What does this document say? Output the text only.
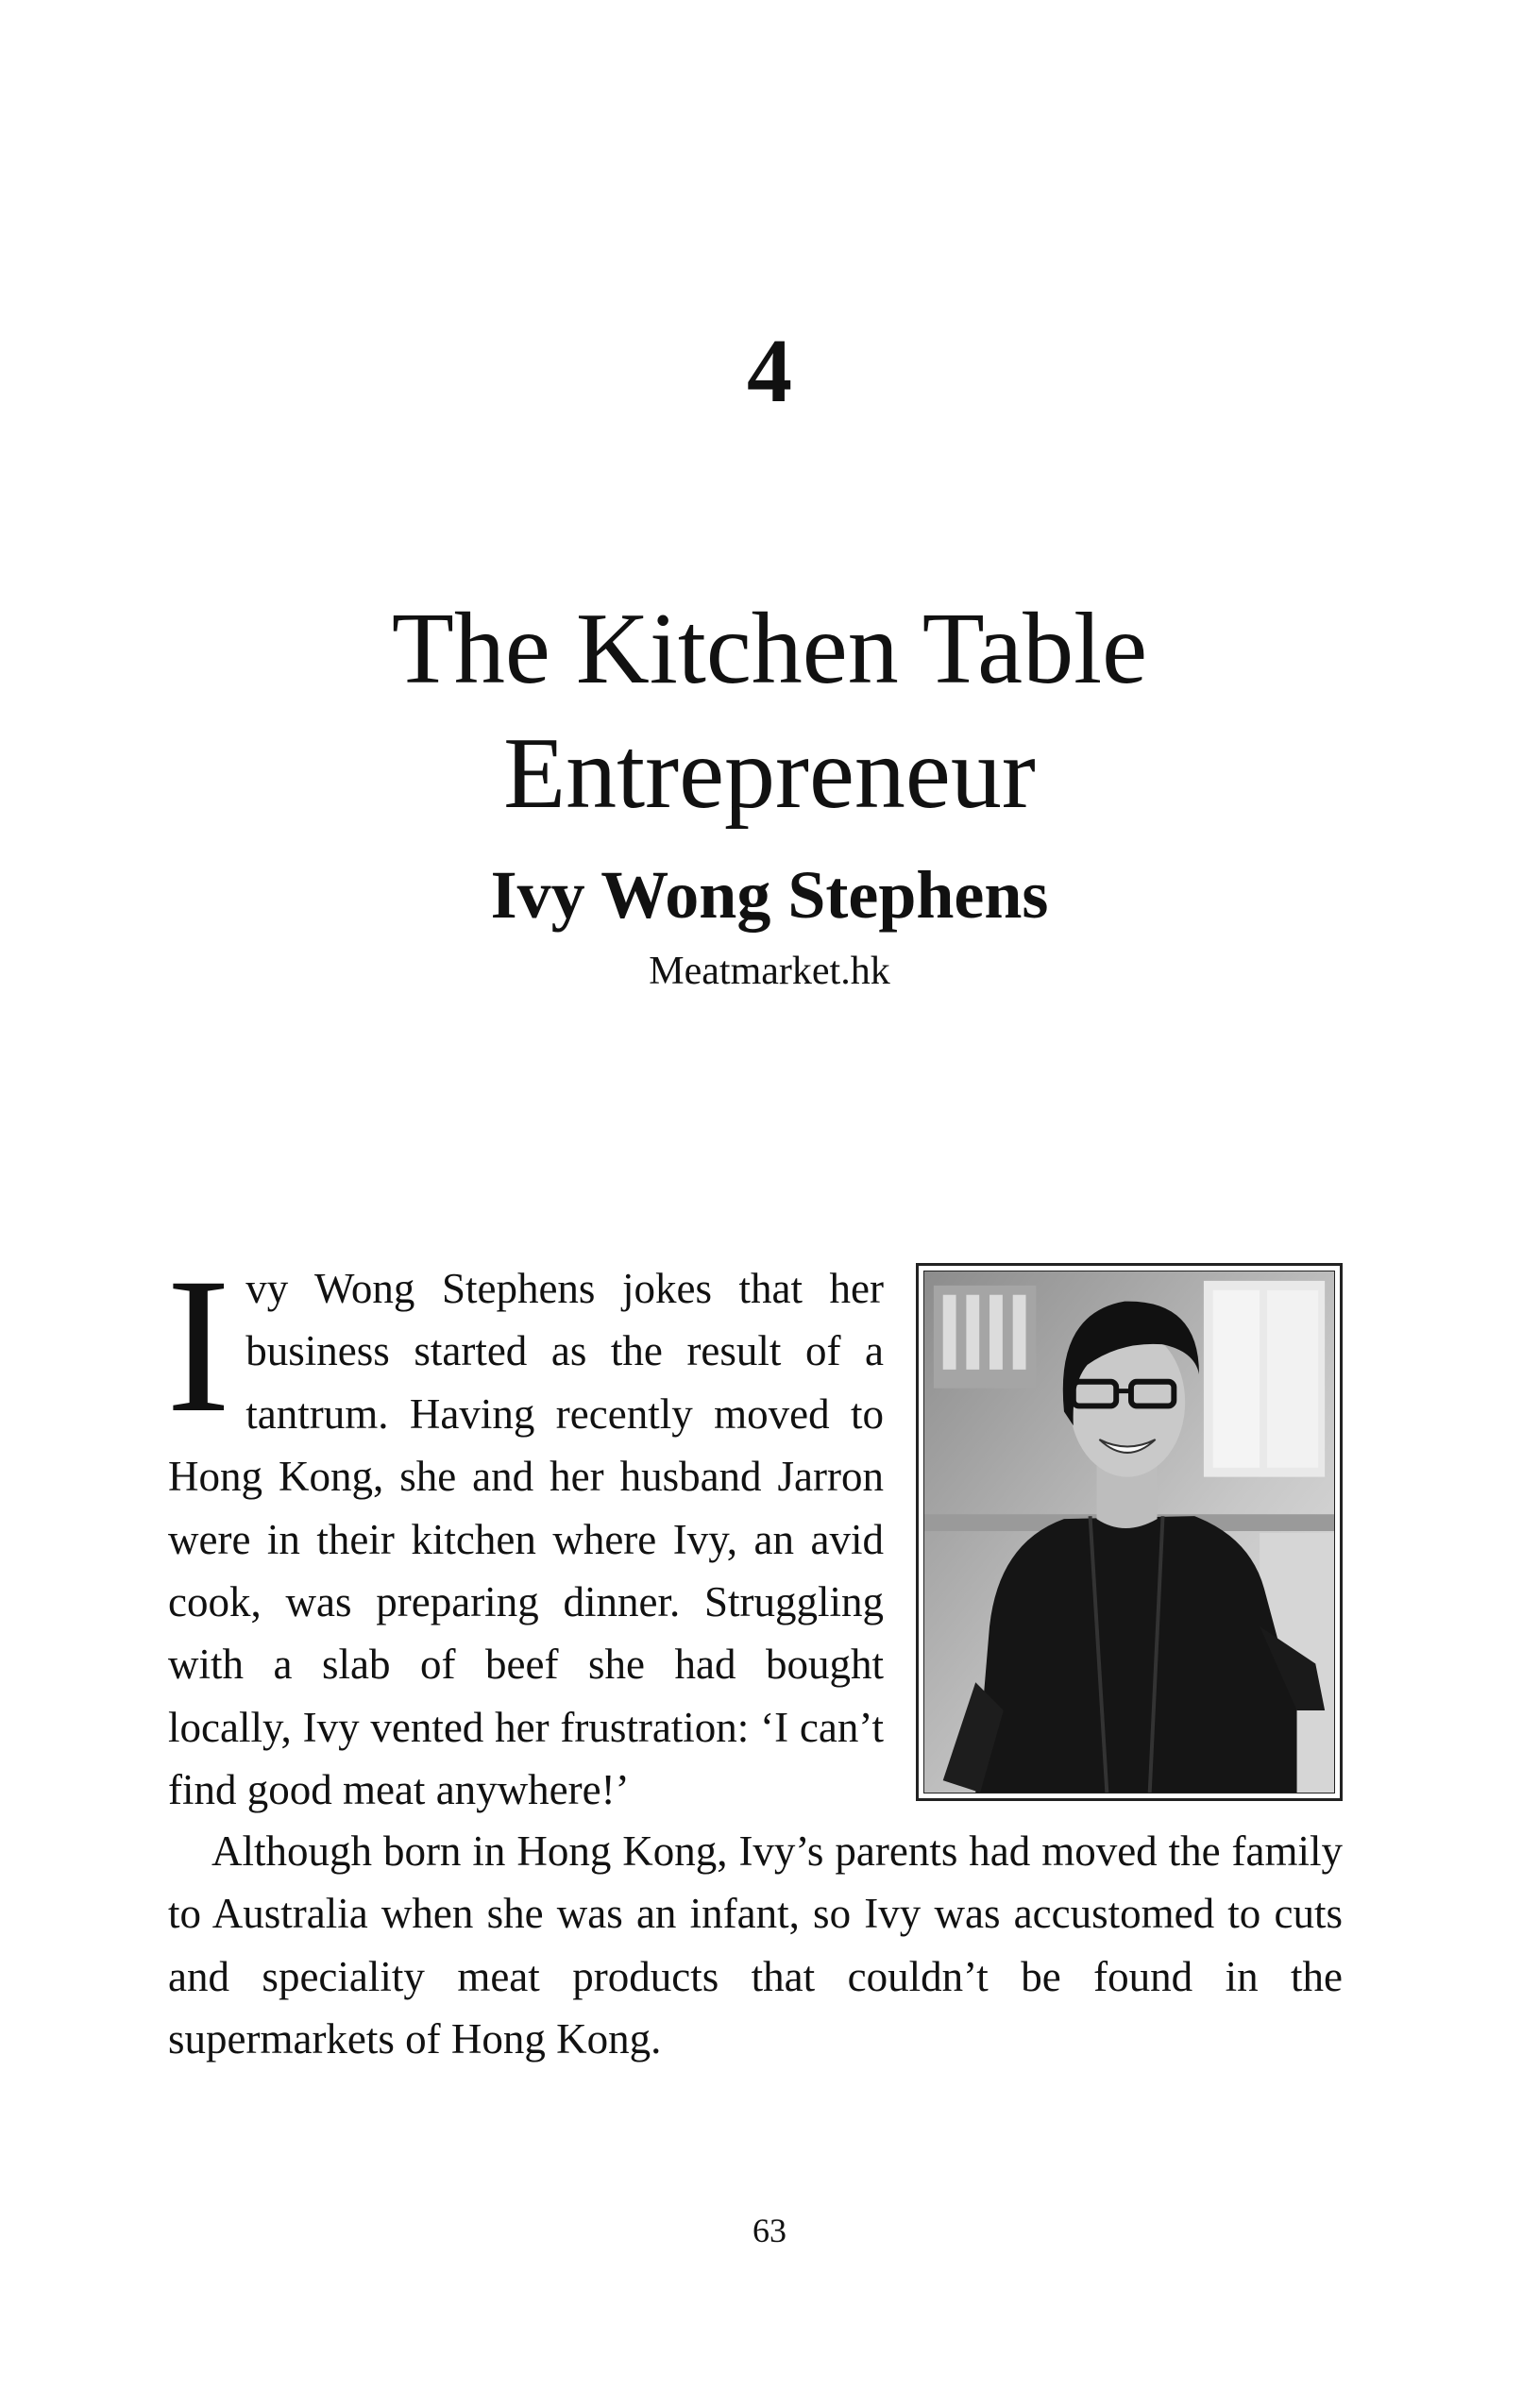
4
The Kitchen Table Entrepreneur
Ivy Wong Stephens
Meatmarket.hk

Ivy Wong Stephens jokes that her business started as the result of a tantrum. Having recently moved to Hong Kong, she and her husband Jarron were in their kitchen where Ivy, an avid cook, was preparing dinner. Struggling with a slab of beef she had bought locally, Ivy vented her frustration: ‘I can’t find good meat anywhere!’

Although born in Hong Kong, Ivy’s parents had moved the family to Australia when she was an infant, so Ivy was accustomed to cuts and speciality meat products that couldn’t be found in the supermarkets of Hong Kong.

63
